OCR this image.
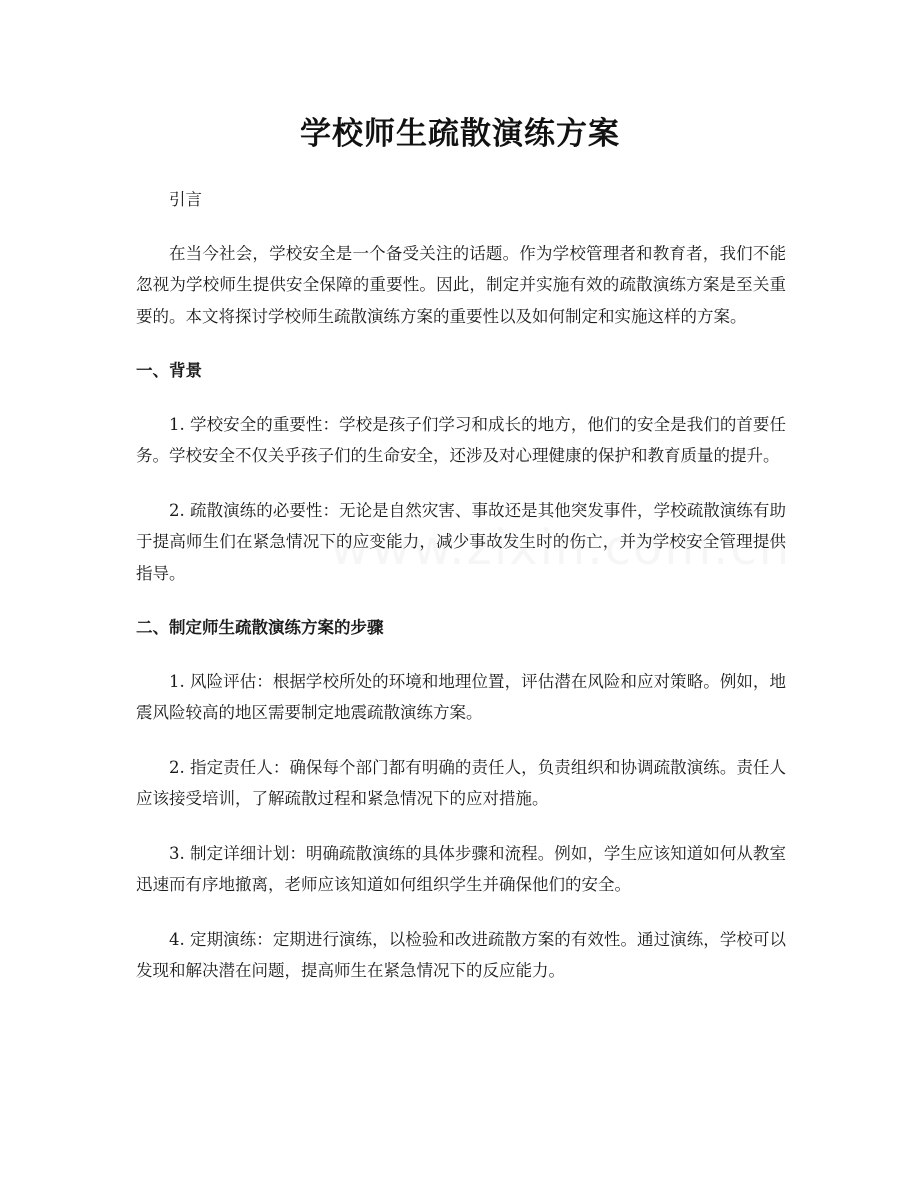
学校师生疏散演练方案

引言

在当今社会，学校安全是一个备受关注的话题。作为学校管理者和教育者，我们不能忽视为学校师生提供安全保障的重要性。因此，制定并实施有效的疏散演练方案是至关重要的。本文将探讨学校师生疏散演练方案的重要性以及如何制定和实施这样的方案。

一、背景

1. 学校安全的重要性：学校是孩子们学习和成长的地方，他们的安全是我们的首要任务。学校安全不仅关乎孩子们的生命安全，还涉及对心理健康的保护和教育质量的提升。

2. 疏散演练的必要性：无论是自然灾害、事故还是其他突发事件，学校疏散演练有助于提高师生们在紧急情况下的应变能力，减少事故发生时的伤亡，并为学校安全管理提供指导。

二、制定师生疏散演练方案的步骤

1. 风险评估：根据学校所处的环境和地理位置，评估潜在风险和应对策略。例如，地震风险较高的地区需要制定地震疏散演练方案。

2. 指定责任人：确保每个部门都有明确的责任人，负责组织和协调疏散演练。责任人应该接受培训，了解疏散过程和紧急情况下的应对措施。

3. 制定详细计划：明确疏散演练的具体步骤和流程。例如，学生应该知道如何从教室迅速而有序地撤离，老师应该知道如何组织学生并确保他们的安全。

4. 定期演练：定期进行演练，以检验和改进疏散方案的有效性。通过演练，学校可以发现和解决潜在问题，提高师生在紧急情况下的反应能力。
